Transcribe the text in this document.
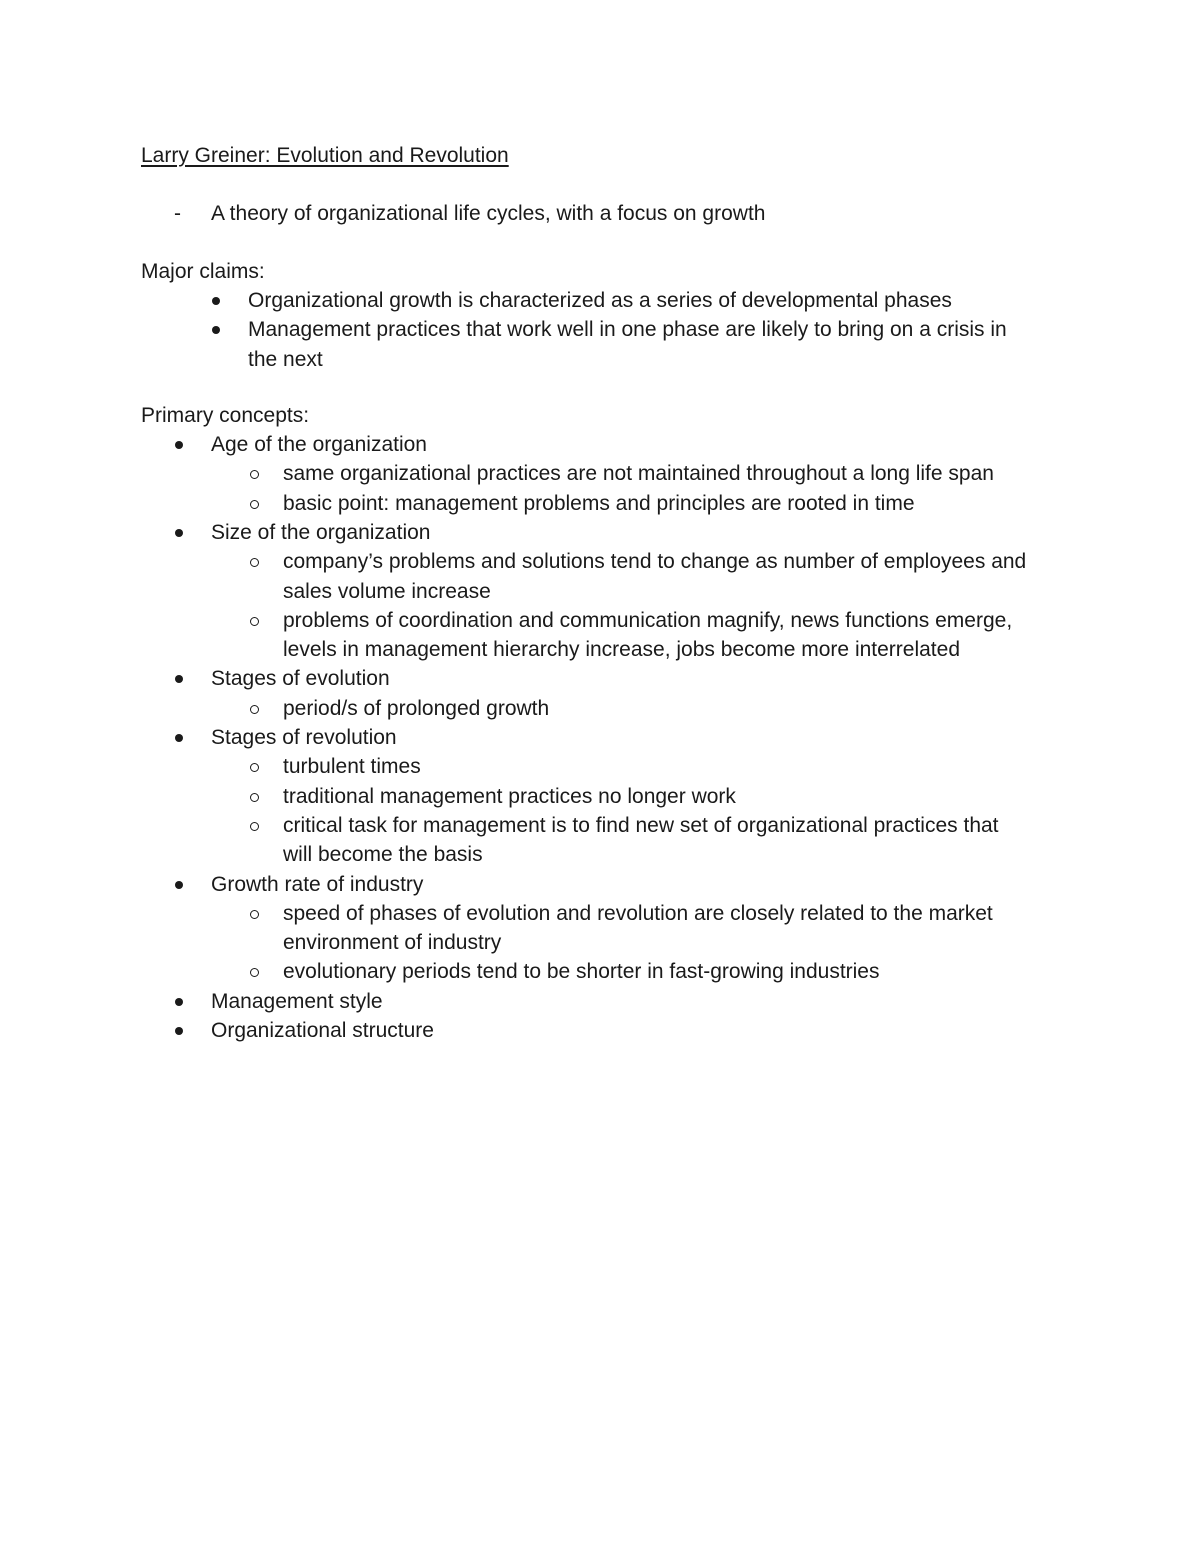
Larry Greiner: Evolution and Revolution
- A theory of organizational life cycles, with a focus on growth
Major claims:
Organizational growth is characterized as a series of developmental phases
Management practices that work well in one phase are likely to bring on a crisis in
the next
Primary concepts:
Age of the organization
same organizational practices are not maintained throughout a long life span
basic point: management problems and principles are rooted in time
Size of the organization
company’s problems and solutions tend to change as number of employees and
sales volume increase
problems of coordination and communication magnify, news functions emerge,
levels in management hierarchy increase, jobs become more interrelated
Stages of evolution
period/s of prolonged growth
Stages of revolution
turbulent times
traditional management practices no longer work
critical task for management is to find new set of organizational practices that
will become the basis
Growth rate of industry
speed of phases of evolution and revolution are closely related to the market
environment of industry
evolutionary periods tend to be shorter in fast-growing industries
Management style
Organizational structure
